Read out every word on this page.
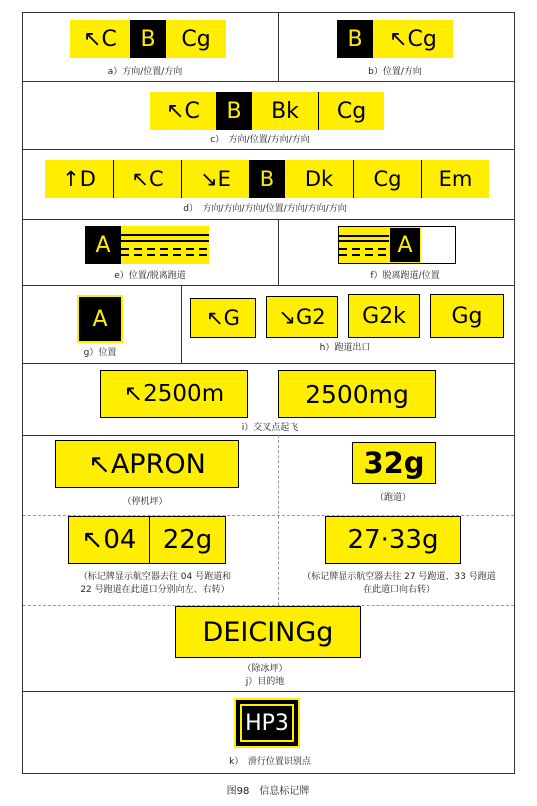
↖C	B	Cg
a）方向/位置/方向
B	↖Cg
b）位置/方向
↖C	B	Bk	Cg
c）　方向/位置/方向/方向
↑D	↖C	↘E	B	Dk	Cg	Em
d）　方向/方向/方向/位置/方向/方向/方向
A
e）位置/脱离跑道
A
f）脱离跑道/位置
A
g）位置
↖G	↘G2	G2k	Gg
h）跑道出口
↖2500m	2500mg
i）交叉点起飞
↖APRON
（停机坪）
32g
（跑道）
↖04	22g
（标记牌显示航空器去往 04 号跑道和
22 号跑道在此道口分别向左、右转）
27·33g
（标记牌显示航空器去往 27 号跑道、33 号跑道
在此道口向右转）
DEICINGg
（除冰坪）
j）目的地
HP3
k）　滑行位置识别点
图98　信息标记牌
